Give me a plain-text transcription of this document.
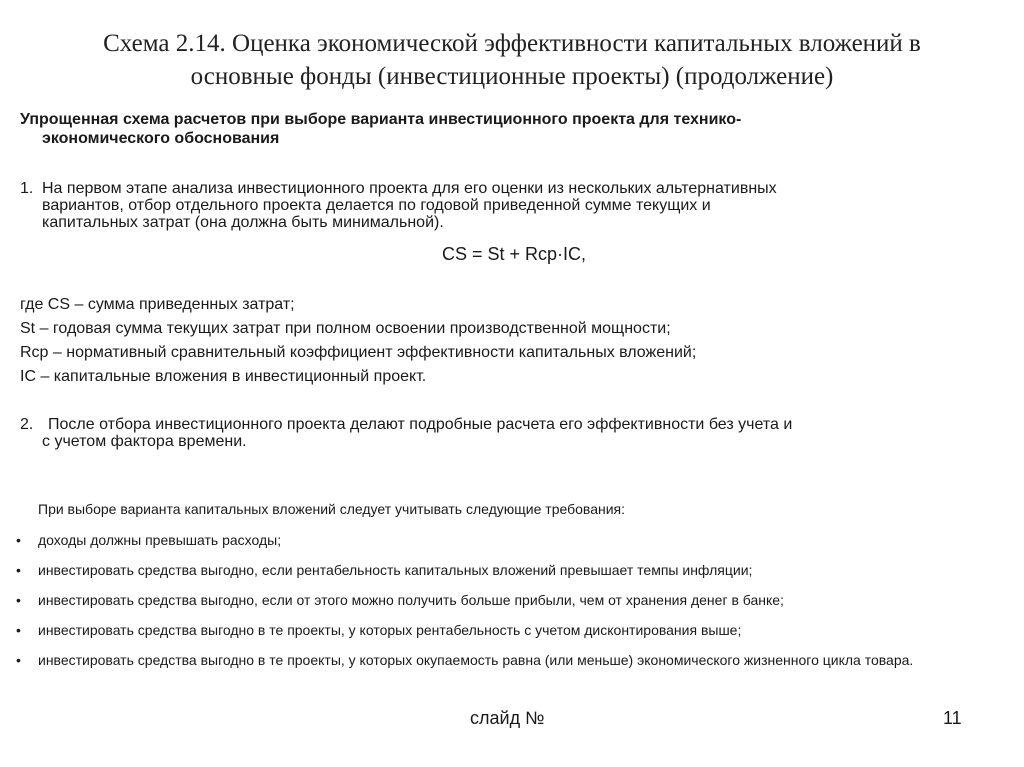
Схема 2.14. Оценка экономической эффективности капитальных вложений в
основные фонды (инвестиционные проекты) (продолжение)
Упрощенная схема расчетов при выборе варианта инвестиционного проекта для технико-
экономического обоснования
1. На первом этапе анализа инвестиционного проекта для его оценки из нескольких альтернативных
вариантов, отбор отдельного проекта делается по годовой приведенной сумме текущих и
капитальных затрат (она должна быть минимальной).
CS = St + Rcp·IC,
где CS – сумма приведенных затрат;
St – годовая сумма текущих затрат при полном освоении производственной мощности;
Rcp – нормативный сравнительный коэффициент эффективности капитальных вложений;
IC – капитальные вложения в инвестиционный проект.
2. После отбора инвестиционного проекта делают подробные расчета его эффективности без учета и
с учетом фактора времени.
При выборе варианта капитальных вложений следует учитывать следующие требования:
• доходы должны превышать расходы;
• инвестировать средства выгодно, если рентабельность капитальных вложений превышает темпы инфляции;
• инвестировать средства выгодно, если от этого можно получить больше прибыли, чем от хранения денег в банке;
• инвестировать средства выгодно в те проекты, у которых рентабельность с учетом дисконтирования выше;
• инвестировать средства выгодно в те проекты, у которых окупаемость равна (или меньше) экономического жизненного цикла товара.
слайд №	11
